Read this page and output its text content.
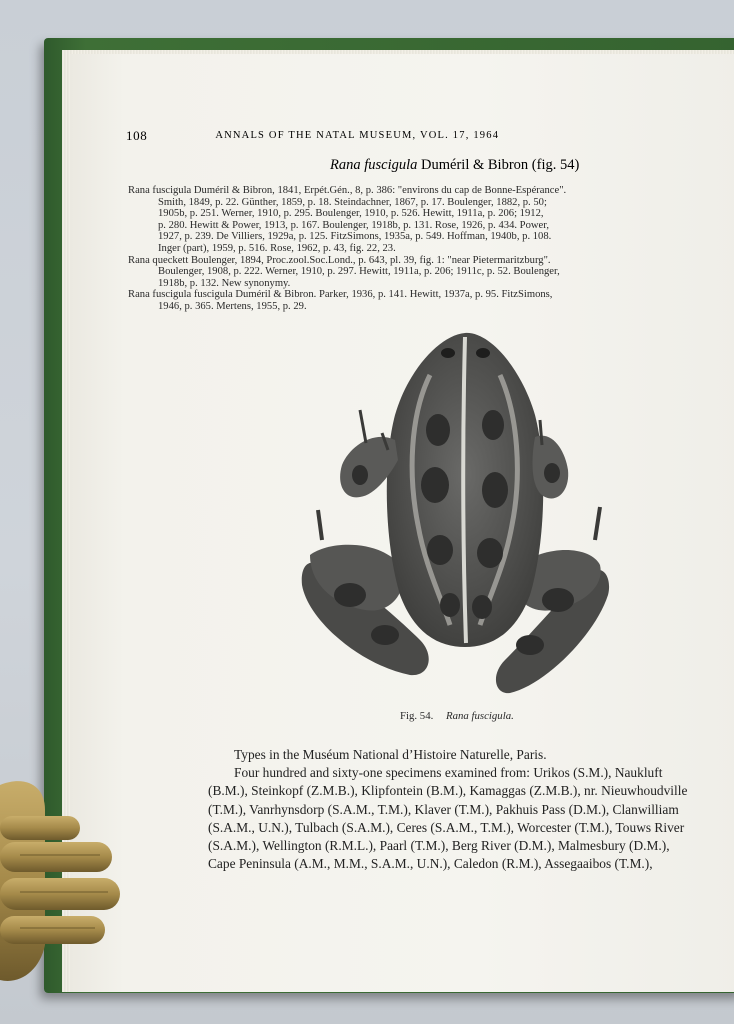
108	ANNALS OF THE NATAL MUSEUM, VOL. 17, 1964
Rana fuscigula Duméril & Bibron (fig. 54)
Rana fuscigula Duméril & Bibron, 1841, Erpét.Gén., 8, p. 386: "environs du cap de Bonne-Espérance".
Smith, 1849, p. 22. Günther, 1859, p. 18. Steindachner, 1867, p. 17. Boulenger, 1882, p. 50;
1905b, p. 251. Werner, 1910, p. 295. Boulenger, 1910, p. 526. Hewitt, 1911a, p. 206; 1912,
p. 280. Hewitt & Power, 1913, p. 167. Boulenger, 1918b, p. 131. Rose, 1926, p. 434. Power,
1927, p. 239. De Villiers, 1929a, p. 125. FitzSimons, 1935a, p. 549. Hoffman, 1940b, p. 108.
Inger (part), 1959, p. 516. Rose, 1962, p. 43, fig. 22, 23.
Rana queckett Boulenger, 1894, Proc.zool.Soc.Lond., p. 643, pl. 39, fig. 1: "near Pietermaritzburg".
Boulenger, 1908, p. 222. Werner, 1910, p. 297. Hewitt, 1911a, p. 206; 1911c, p. 52. Boulenger,
1918b, p. 132. New synonymy.
Rana fuscigula fuscigula Duméril & Bibron. Parker, 1936, p. 141. Hewitt, 1937a, p. 95. FitzSimons,
1946, p. 365. Mertens, 1955, p. 29.
Fig. 54. Rana fuscigula.
Types in the Muséum National d’Histoire Naturelle, Paris.
Four hundred and sixty-one specimens examined from: Urikos (S.M.), Naukluft
(B.M.), Steinkopf (Z.M.B.), Klipfontein (B.M.), Kamaggas (Z.M.B.), nr. Nieuwhoudville
(T.M.), Vanrhynsdorp (S.A.M., T.M.), Klaver (T.M.), Pakhuis Pass (D.M.), Clanwilliam
(S.A.M., U.N.), Tulbach (S.A.M.), Ceres (S.A.M., T.M.), Worcester (T.M.), Touws River
(S.A.M.), Wellington (R.M.L.), Paarl (T.M.), Berg River (D.M.), Malmesbury (D.M.),
Cape Peninsula (A.M., M.M., S.A.M., U.N.), Caledon (R.M.), Assegaaibos (T.M.),
